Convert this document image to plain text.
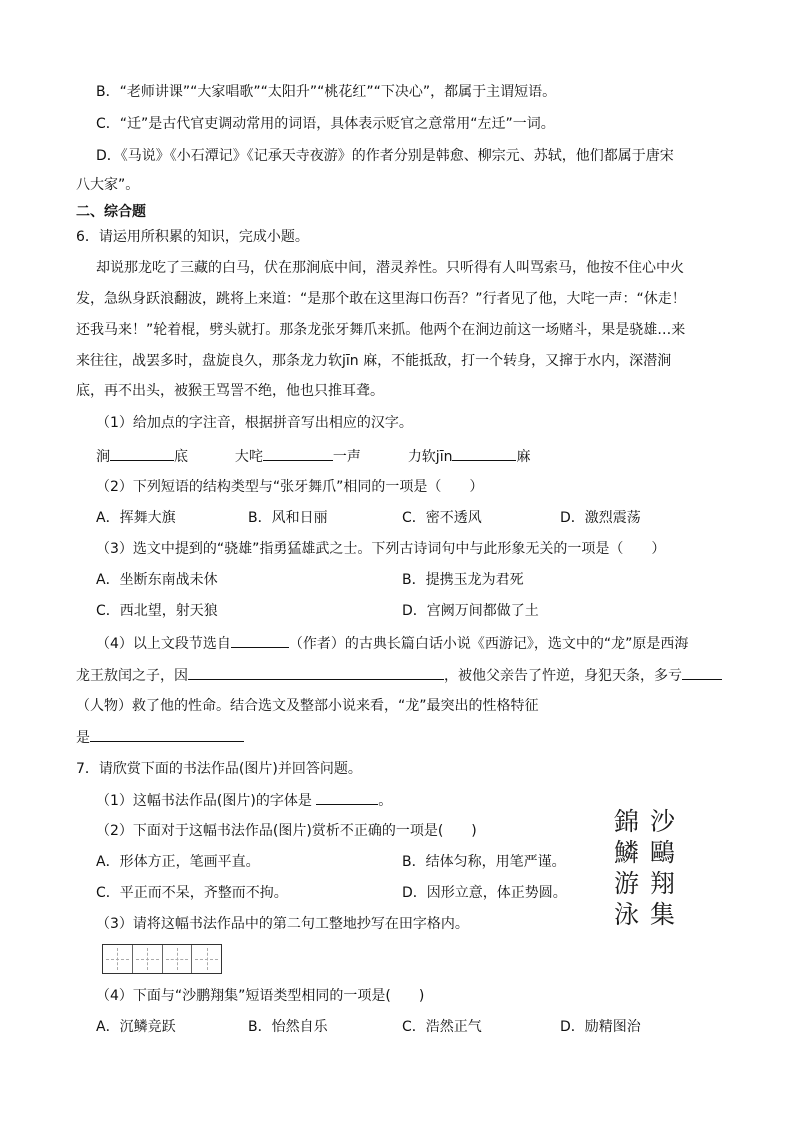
B．“老师讲课”“大家唱歌”“太阳升”“桃花红”“下决心”，都属于主谓短语。
C．“迁”是古代官吏调动常用的词语，具体表示贬官之意常用“左迁”一词。
D．《马说》《小石潭记》《记承天寺夜游》的作者分别是韩愈、柳宗元、苏轼，他们都属于唐宋
八大家”。
二、综合题
6．请运用所积累的知识，完成小题。
却说那龙吃了三藏的白马，伏在那涧底中间，潜灵养性。只听得有人叫骂索马，他按不住心中火
发，急纵身跃浪翻波，跳将上来道：“是那个敢在这里海口伤吾？”行者见了他，大咤一声：“休走！
还我马来！”轮着棍，劈头就打。那条龙张牙舞爪来抓。他两个在涧边前这一场赌斗，果是骁雄…来
来往往，战罢多时，盘旋良久，那条龙力软jīn 麻，不能抵敌，打一个转身，又撺于水内，深潜涧
底，再不出头，被猴王骂詈不绝，他也只推耳聋。
（1）给加点的字注音，根据拼音写出相应的汉字。
涧	底	大咤	一声	力软jīn	麻
（2）下列短语的结构类型与“张牙舞爪”相同的一项是（　　）
A．挥舞大旗	B．风和日丽	C．密不透风	D．激烈震荡
（3）选文中提到的“骁雄”指勇猛雄武之士。下列古诗词句中与此形象无关的一项是（　　）
A．坐断东南战未休	B．提携玉龙为君死
C．西北望，射天狼	D．宫阙万间都做了土
（4）以上文段节选自	（作者）的古典长篇白话小说《西游记》，选文中的“龙”原是西海
龙王敖闰之子，因	，被他父亲告了忤逆，身犯天条，多亏
（人物）救了他的性命。结合选文及整部小说来看，“龙”最突出的性格特征
是
7．请欣赏下面的书法作品(图片)并回答问题。
（1）这幅书法作品(图片)的字体是	。
（2）下面对于这幅书法作品(图片)赏析不正确的一项是(　　)
A．形体方正，笔画平直。	B．结体匀称，用笔严谨。
C．平正而不呆，齐整而不拘。	D．因形立意，体正势圆。
（3）请将这幅书法作品中的第二句工整地抄写在田字格内。
沙
鷗
翔
集
錦
鱗
游
泳
（4）下面与“沙鹏翔集”短语类型相同的一项是(　　)
A．沉鳞竞跃	B．怡然自乐	C．浩然正气	D．励精图治
